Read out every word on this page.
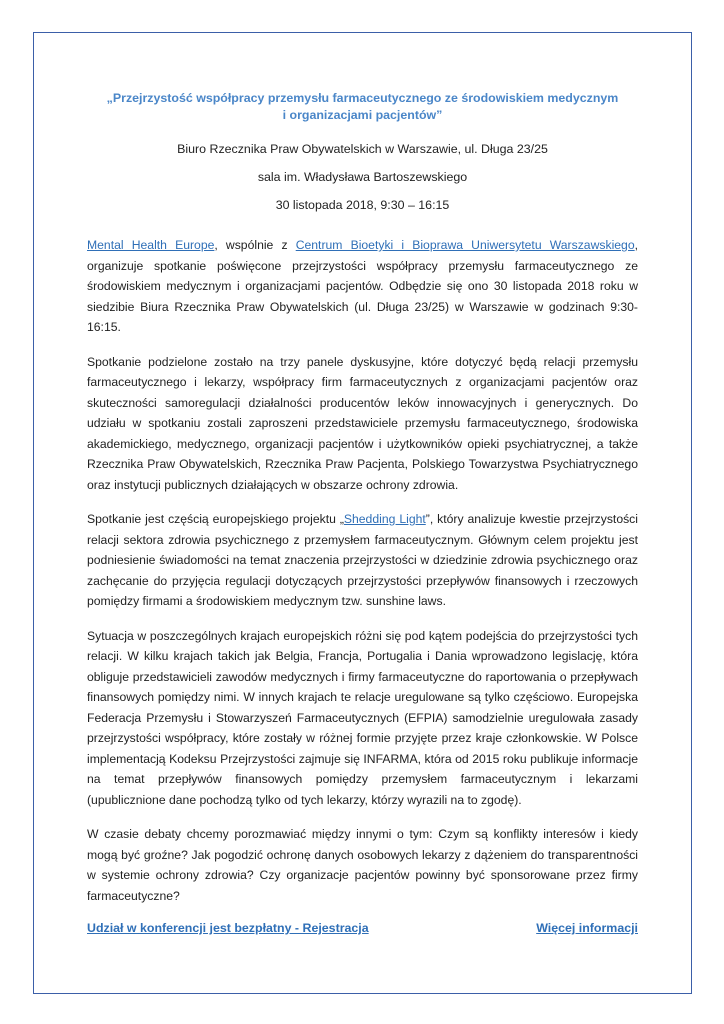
„Przejrzystość współpracy przemysłu farmaceutycznego ze środowiskiem medycznym
i organizacjami pacjentów”
Biuro Rzecznika Praw Obywatelskich w Warszawie, ul. Długa 23/25
sala im. Władysława Bartoszewskiego
30 listopada 2018, 9:30 – 16:15

Mental Health Europe, wspólnie z Centrum Bioetyki i Bioprawa Uniwersytetu Warszawskiego, organizuje spotkanie poświęcone przejrzystości współpracy przemysłu farmaceutycznego ze środowiskiem medycznym i organizacjami pacjentów. Odbędzie się ono 30 listopada 2018 roku w siedzibie Biura Rzecznika Praw Obywatelskich (ul. Długa 23/25) w Warszawie w godzinach 9:30-16:15.

Spotkanie podzielone zostało na trzy panele dyskusyjne, które dotyczyć będą relacji przemysłu farmaceutycznego i lekarzy, współpracy firm farmaceutycznych z organizacjami pacjentów oraz skuteczności samoregulacji działalności producentów leków innowacyjnych i generycznych. Do udziału w spotkaniu zostali zaproszeni przedstawiciele przemysłu farmaceutycznego, środowiska akademickiego, medycznego, organizacji pacjentów i użytkowników opieki psychiatrycznej, a także Rzecznika Praw Obywatelskich, Rzecznika Praw Pacjenta, Polskiego Towarzystwa Psychiatrycznego oraz instytucji publicznych działających w obszarze ochrony zdrowia.

Spotkanie jest częścią europejskiego projektu „Shedding Light”, który analizuje kwestie przejrzystości relacji sektora zdrowia psychicznego z przemysłem farmaceutycznym. Głównym celem projektu jest podniesienie świadomości na temat znaczenia przejrzystości w dziedzinie zdrowia psychicznego oraz zachęcanie do przyjęcia regulacji dotyczących przejrzystości przepływów finansowych i rzeczowych pomiędzy firmami a środowiskiem medycznym tzw. sunshine laws.

Sytuacja w poszczególnych krajach europejskich różni się pod kątem podejścia do przejrzystości tych relacji. W kilku krajach takich jak Belgia, Francja, Portugalia i Dania wprowadzono legislację, która obliguje przedstawicieli zawodów medycznych i firmy farmaceutyczne do raportowania o przepływach finansowych pomiędzy nimi. W innych krajach te relacje uregulowane są tylko częściowo. Europejska Federacja Przemysłu i Stowarzyszeń Farmaceutycznych (EFPIA) samodzielnie uregulowała zasady przejrzystości współpracy, które zostały w różnej formie przyjęte przez kraje członkowskie. W Polsce implementacją Kodeksu Przejrzystości zajmuje się INFARMA, która od 2015 roku publikuje informacje na temat przepływów finansowych pomiędzy przemysłem farmaceutycznym i lekarzami (upublicznione dane pochodzą tylko od tych lekarzy, którzy wyrazili na to zgodę).

W czasie debaty chcemy porozmawiać między innymi o tym: Czym są konflikty interesów i kiedy mogą być groźne? Jak pogodzić ochronę danych osobowych lekarzy z dążeniem do transparentności w systemie ochrony zdrowia? Czy organizacje pacjentów powinny być sponsorowane przez firmy farmaceutyczne?

Udział w konferencji jest bezpłatny - Rejestracja	Więcej informacji
